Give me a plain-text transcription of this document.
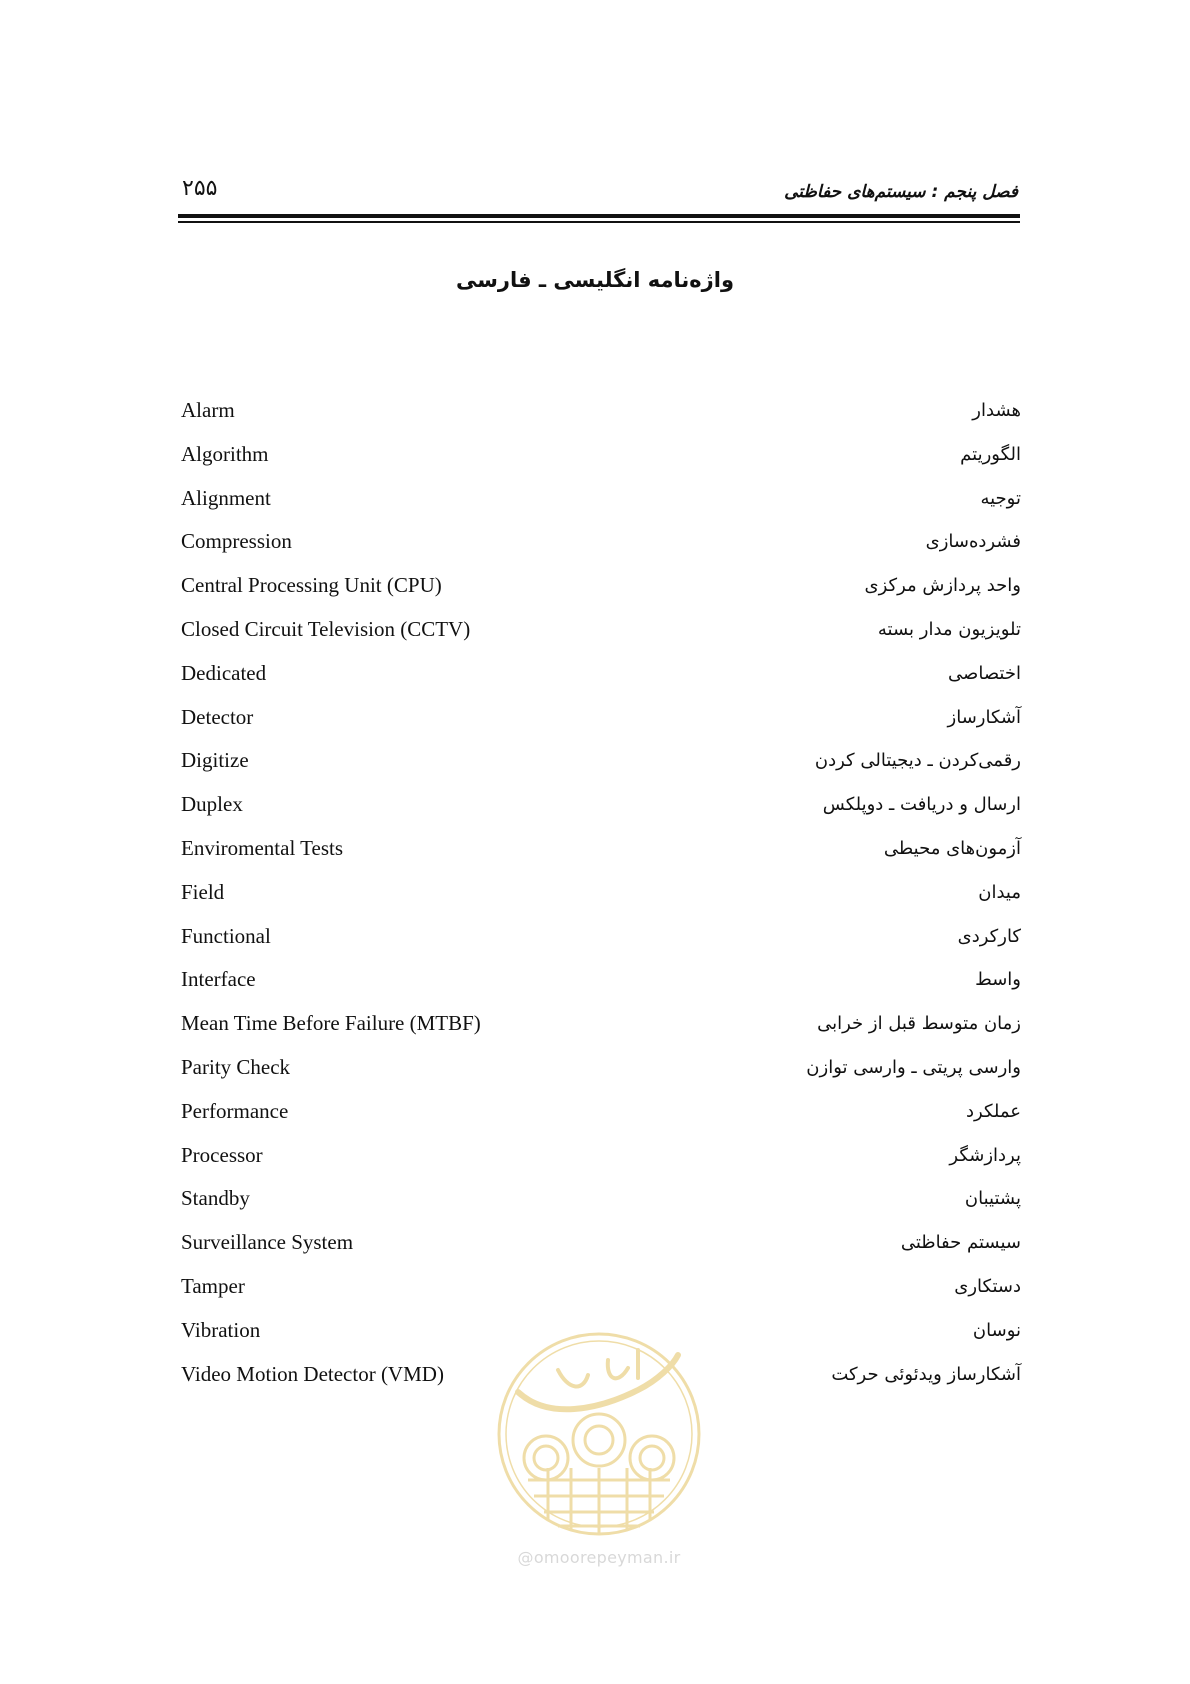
۲۵۵	فصل پنجم : سیستم‌های حفاظتی
واژه‌نامه انگلیسی ـ فارسی
Alarm	هشدار
Algorithm	الگوریتم
Alignment	توجیه
Compression	فشرده‌سازی
Central Processing Unit (CPU)	واحد پردازش مرکزی
Closed Circuit Television (CCTV)	تلویزیون مدار بسته
Dedicated	اختصاصی
Detector	آشکارساز
Digitize	رقمی‌کردن ـ دیجیتالی کردن
Duplex	ارسال و دریافت ـ دوپلکس
Enviromental Tests	آزمون‌های محیطی
Field	میدان
Functional	کارکردی
Interface	واسط
Mean Time Before Failure (MTBF)	زمان متوسط قبل از خرابی
Parity Check	وارسی پریتی ـ وارسی توازن
Performance	عملکرد
Processor	پردازشگر
Standby	پشتیبان
Surveillance System	سیستم حفاظتی
Tamper	دستکاری
Vibration	نوسان
Video Motion Detector (VMD)	آشکارساز ویدئوئی حرکت
@omoorepeyman.ir
